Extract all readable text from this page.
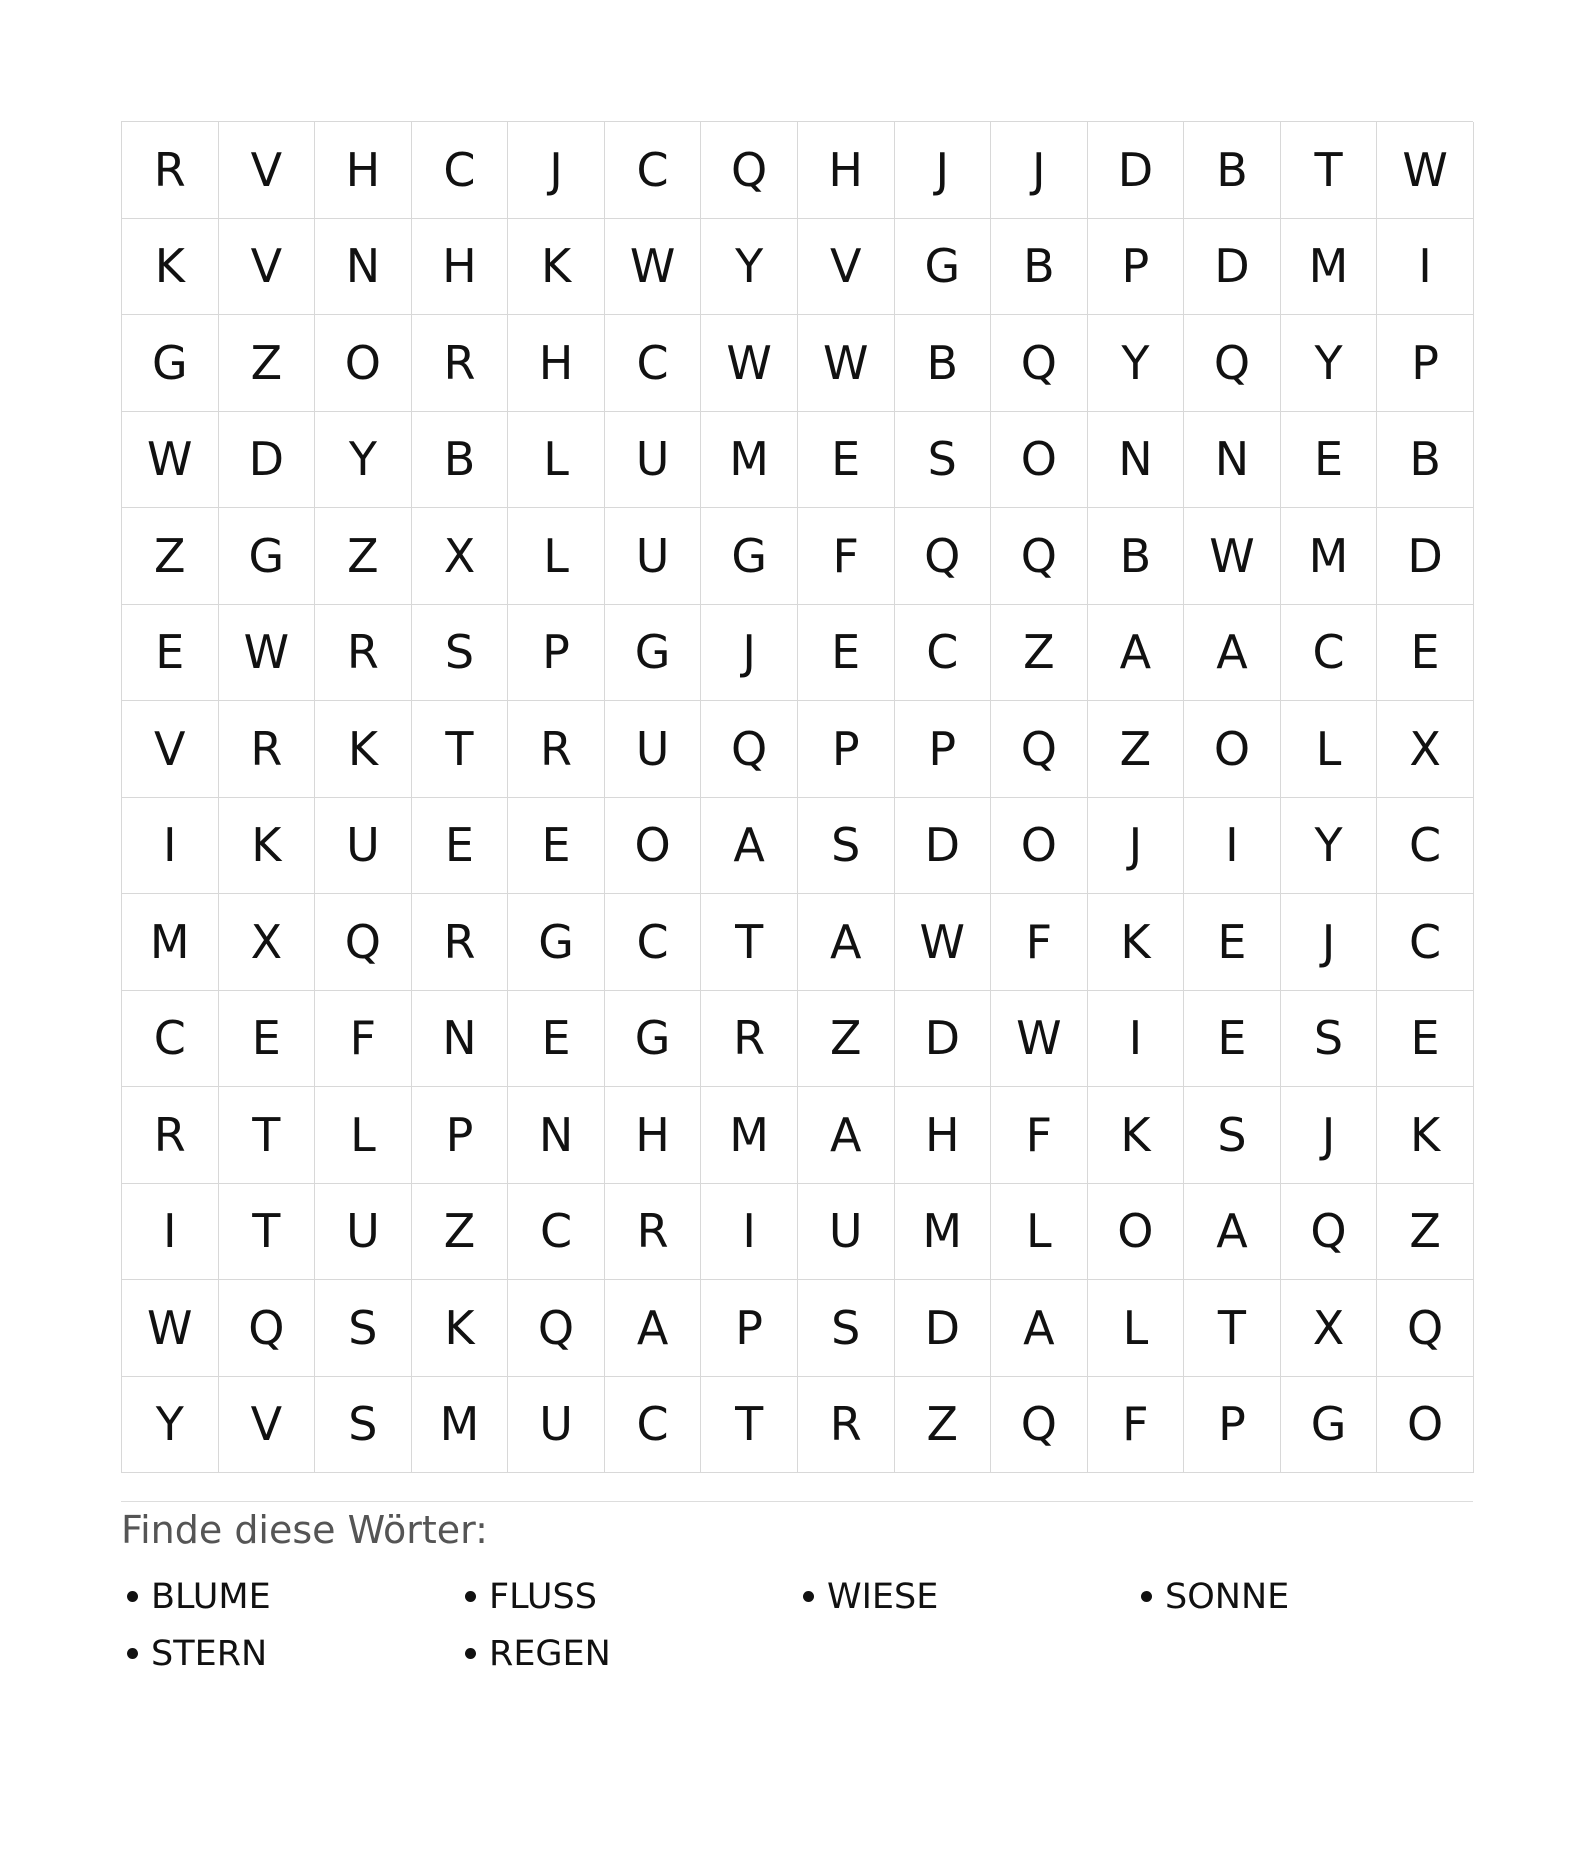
R	V	H	C	J	C	Q	H	J	J	D	B	T	W
K	V	N	H	K	W	Y	V	G	B	P	D	M	I
G	Z	O	R	H	C	W	W	B	Q	Y	Q	Y	P
W	D	Y	B	L	U	M	E	S	O	N	N	E	B
Z	G	Z	X	L	U	G	F	Q	Q	B	W	M	D
E	W	R	S	P	G	J	E	C	Z	A	A	C	E
V	R	K	T	R	U	Q	P	P	Q	Z	O	L	X
I	K	U	E	E	O	A	S	D	O	J	I	Y	C
M	X	Q	R	G	C	T	A	W	F	K	E	J	C
C	E	F	N	E	G	R	Z	D	W	I	E	S	E
R	T	L	P	N	H	M	A	H	F	K	S	J	K
I	T	U	Z	C	R	I	U	M	L	O	A	Q	Z
W	Q	S	K	Q	A	P	S	D	A	L	T	X	Q
Y	V	S	M	U	C	T	R	Z	Q	F	P	G	O
Finde diese Wörter:
BLUME	FLUSS	WIESE	SONNE
STERN	REGEN
